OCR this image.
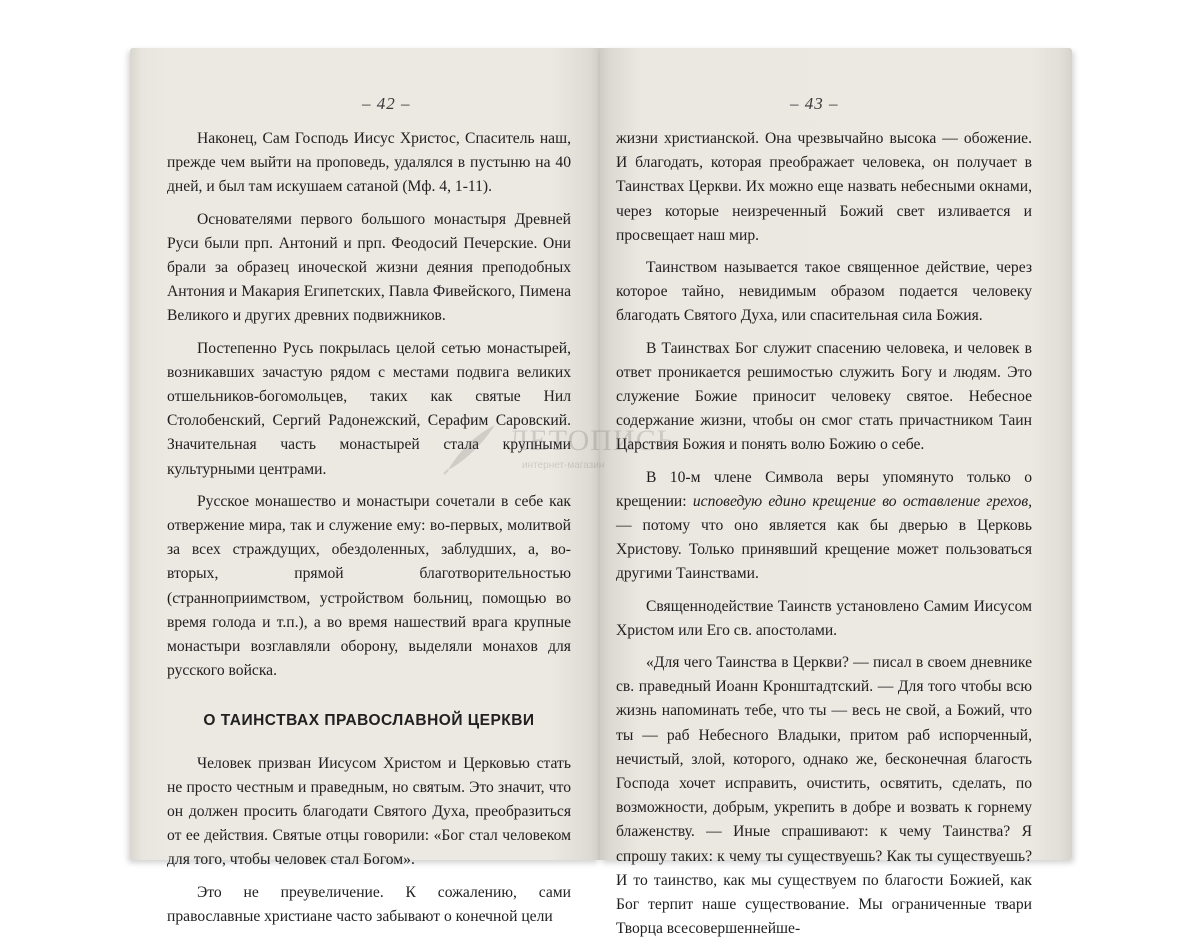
– 42 –

Наконец, Сам Господь Иисус Христос, Спаситель наш, прежде чем выйти на проповедь, удалялся в пустыню на 40 дней, и был там искушаем сатаной (Мф. 4, 1-11).

Основателями первого большого монастыря Древней Руси были прп. Антоний и прп. Феодосий Печерские. Они брали за образец иноческой жизни деяния преподобных Антония и Макария Египетских, Павла Фивейского, Пимена Великого и других древних подвижников.

Постепенно Русь покрылась целой сетью монастырей, возникавших зачастую рядом с местами подвига великих отшельников-богомольцев, таких как святые Нил Столобенский, Сергий Радонежский, Серафим Саровский. Значительная часть монастырей стала крупными культурными центрами.

Русское монашество и монастыри сочетали в себе как отвержение мира, так и служение ему: во-первых, молитвой за всех страждущих, обездоленных, заблудших, а, во-вторых, прямой благотворительностью (странноприимством, устройством больниц, помощью во время голода и т.п.), а во время нашествий врага крупные монастыри возглавляли оборону, выделяли монахов для русского войска.

О ТАИНСТВАХ ПРАВОСЛАВНОЙ ЦЕРКВИ

Человек призван Иисусом Христом и Церковью стать не просто честным и праведным, но святым. Это значит, что он должен просить благодати Святого Духа, преобразиться от ее действия. Святые отцы говорили: «Бог стал человеком для того, чтобы человек стал Богом».

Это не преувеличение. К сожалению, сами православные христиане часто забывают о конечной цели

– 43 –

жизни христианской. Она чрезвычайно высока — обожение. И благодать, которая преображает человека, он получает в Таинствах Церкви. Их можно еще назвать небесными окнами, через которые неизреченный Божий свет изливается и просвещает наш мир.

Таинством называется такое священное действие, через которое тайно, невидимым образом подается человеку благодать Святого Духа, или спасительная сила Божия.

В Таинствах Бог служит спасению человека, и человек в ответ проникается решимостью служить Богу и людям. Это служение Божие приносит человеку святое. Небесное содержание жизни, чтобы он смог стать причастником Таин Царствия Божия и понять волю Божию о себе.

В 10-м члене Символа веры упомянуто только о крещении: исповедую едино крещение во оставление грехов, — потому что оно является как бы дверью в Церковь Христову. Только принявший крещение может пользоваться другими Таинствами.

Священнодействие Таинств установлено Самим Иисусом Христом или Его св. апостолами.

«Для чего Таинства в Церкви? — писал в своем дневнике св. праведный Иоанн Кронштадтский. — Для того чтобы всю жизнь напоминать тебе, что ты — весь не свой, а Божий, что ты — раб Небесного Владыки, притом раб испорченный, нечистый, злой, которого, однако же, бесконечная благость Господа хочет исправить, очистить, освятить, сделать, по возможности, добрым, укрепить в добре и возвать к горнему блаженству. — Иные спрашивают: к чему Таинства? Я спрошу таких: к чему ты существуешь? Как ты существуешь? И то таинство, как мы существуем по благости Божией, как Бог терпит наше существование. Мы ограниченные твари Творца всесовершеннейше-

ЛЕТОПИСЬ
интернет-магазин
